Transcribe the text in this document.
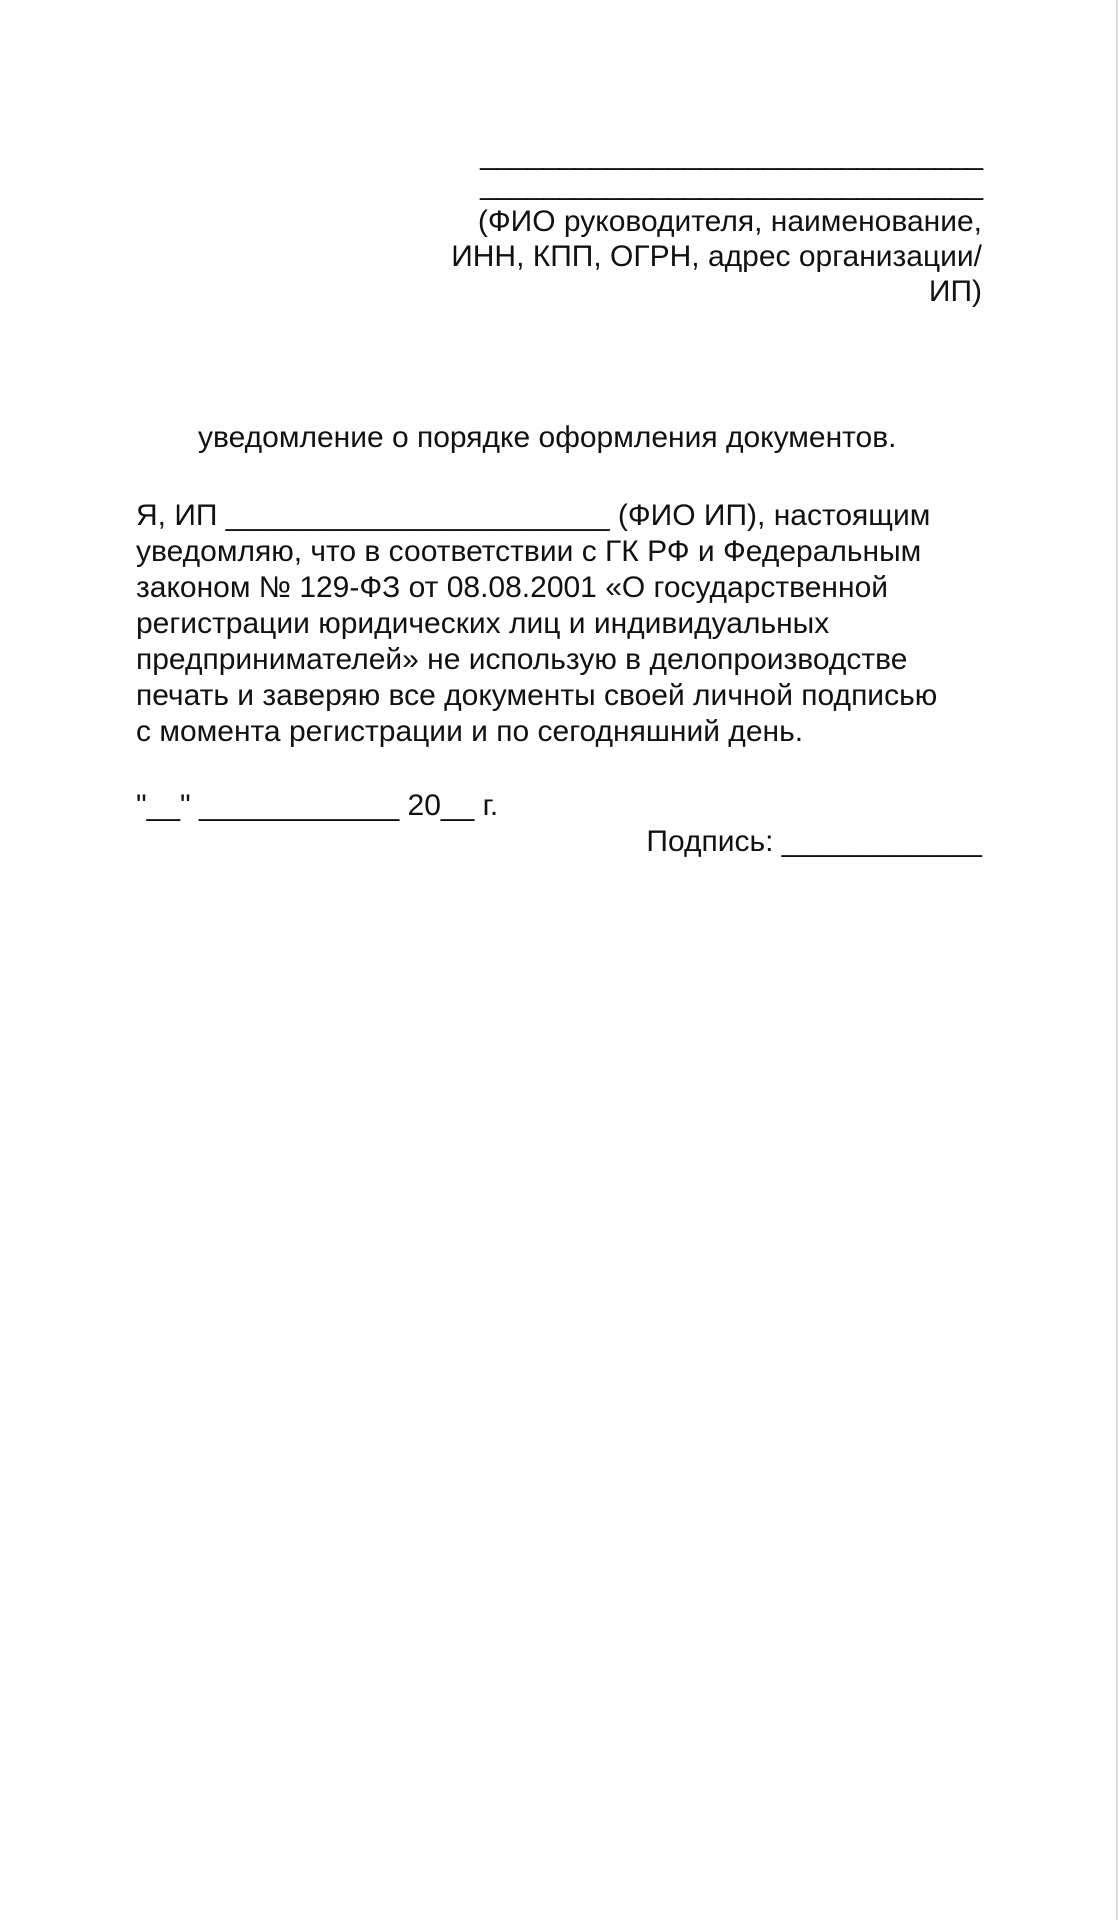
________________________________
________________________________
(ФИО руководителя, наименование,
ИНН, КПП, ОГРН, адрес организации/ИП)
уведомление о порядке оформления документов.
Я, ИП _______________________ (ФИО ИП), настоящим
уведомляю, что в соответствии с ГК РФ и Федеральным
законом № 129-ФЗ от 08.08.2001 «О государственной
регистрации юридических лиц и индивидуальных
предпринимателей» не использую в делопроизводстве
печать и заверяю все документы своей личной подписью
с момента регистрации и по сегодняшний день.
"__" ____________ 20__ г.
Подпись: ____________
